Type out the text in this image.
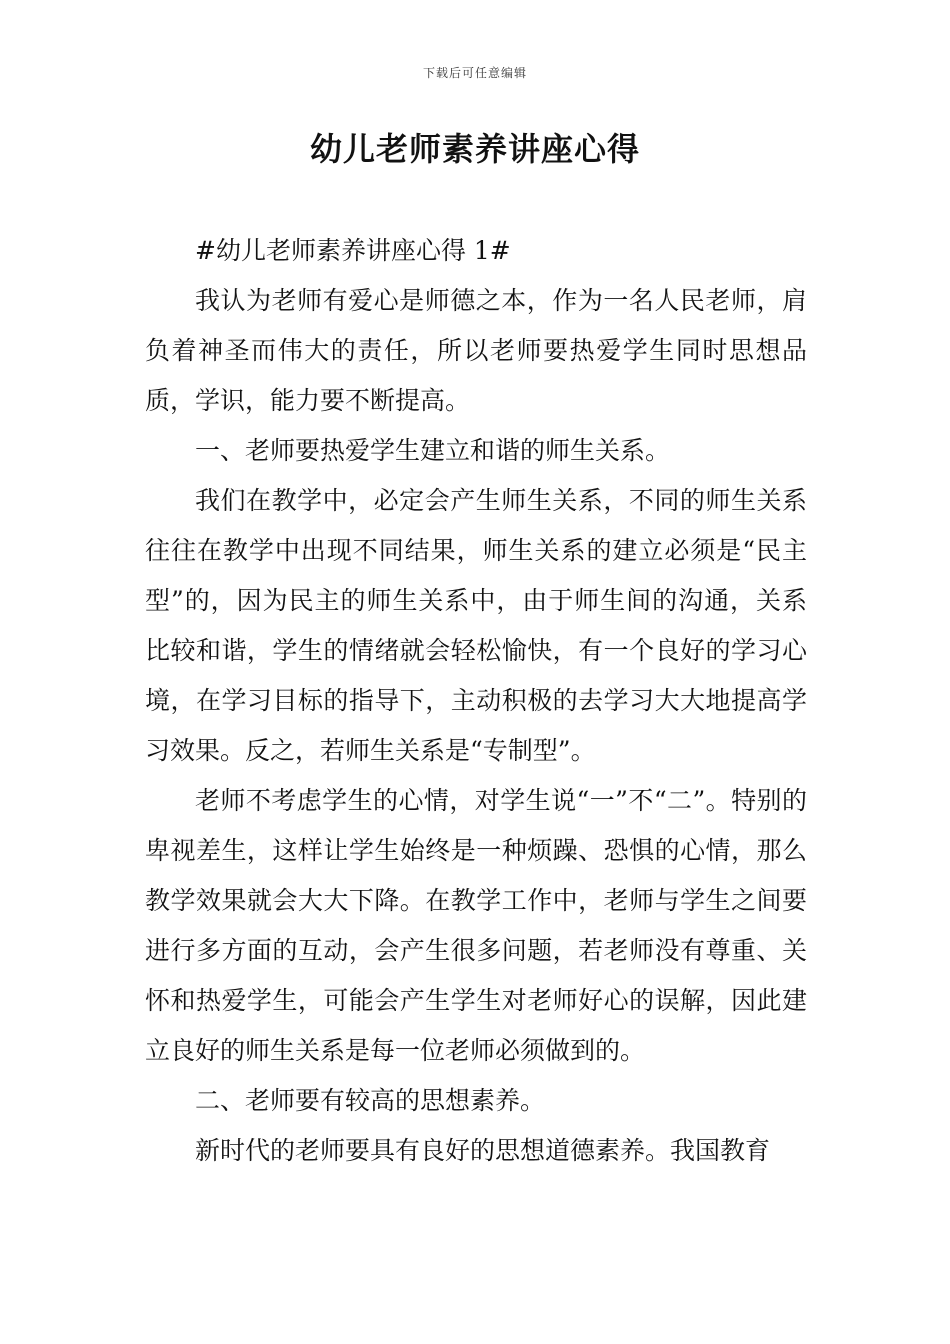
下载后可任意编辑
幼儿老师素养讲座心得

#幼儿老师素养讲座心得 1#

我认为老师有爱心是师德之本，作为一名人民老师，肩负着神圣而伟大的责任，所以老师要热爱学生同时思想品质，学识，能力要不断提高。

一、老师要热爱学生建立和谐的师生关系。

我们在教学中，必定会产生师生关系，不同的师生关系往往在教学中出现不同结果，师生关系的建立必须是“民主型”的，因为民主的师生关系中，由于师生间的沟通，关系比较和谐，学生的情绪就会轻松愉快，有一个良好的学习心境，在学习目标的指导下，主动积极的去学习大大地提高学习效果。反之，若师生关系是“专制型”。

老师不考虑学生的心情，对学生说“一”不“二”。特别的卑视差生，这样让学生始终是一种烦躁、恐惧的心情，那么教学效果就会大大下降。在教学工作中，老师与学生之间要进行多方面的互动，会产生很多问题，若老师没有尊重、关怀和热爱学生，可能会产生学生对老师好心的误解，因此建立良好的师生关系是每一位老师必须做到的。

二、老师要有较高的思想素养。

新时代的老师要具有良好的思想道德素养。我国教育
